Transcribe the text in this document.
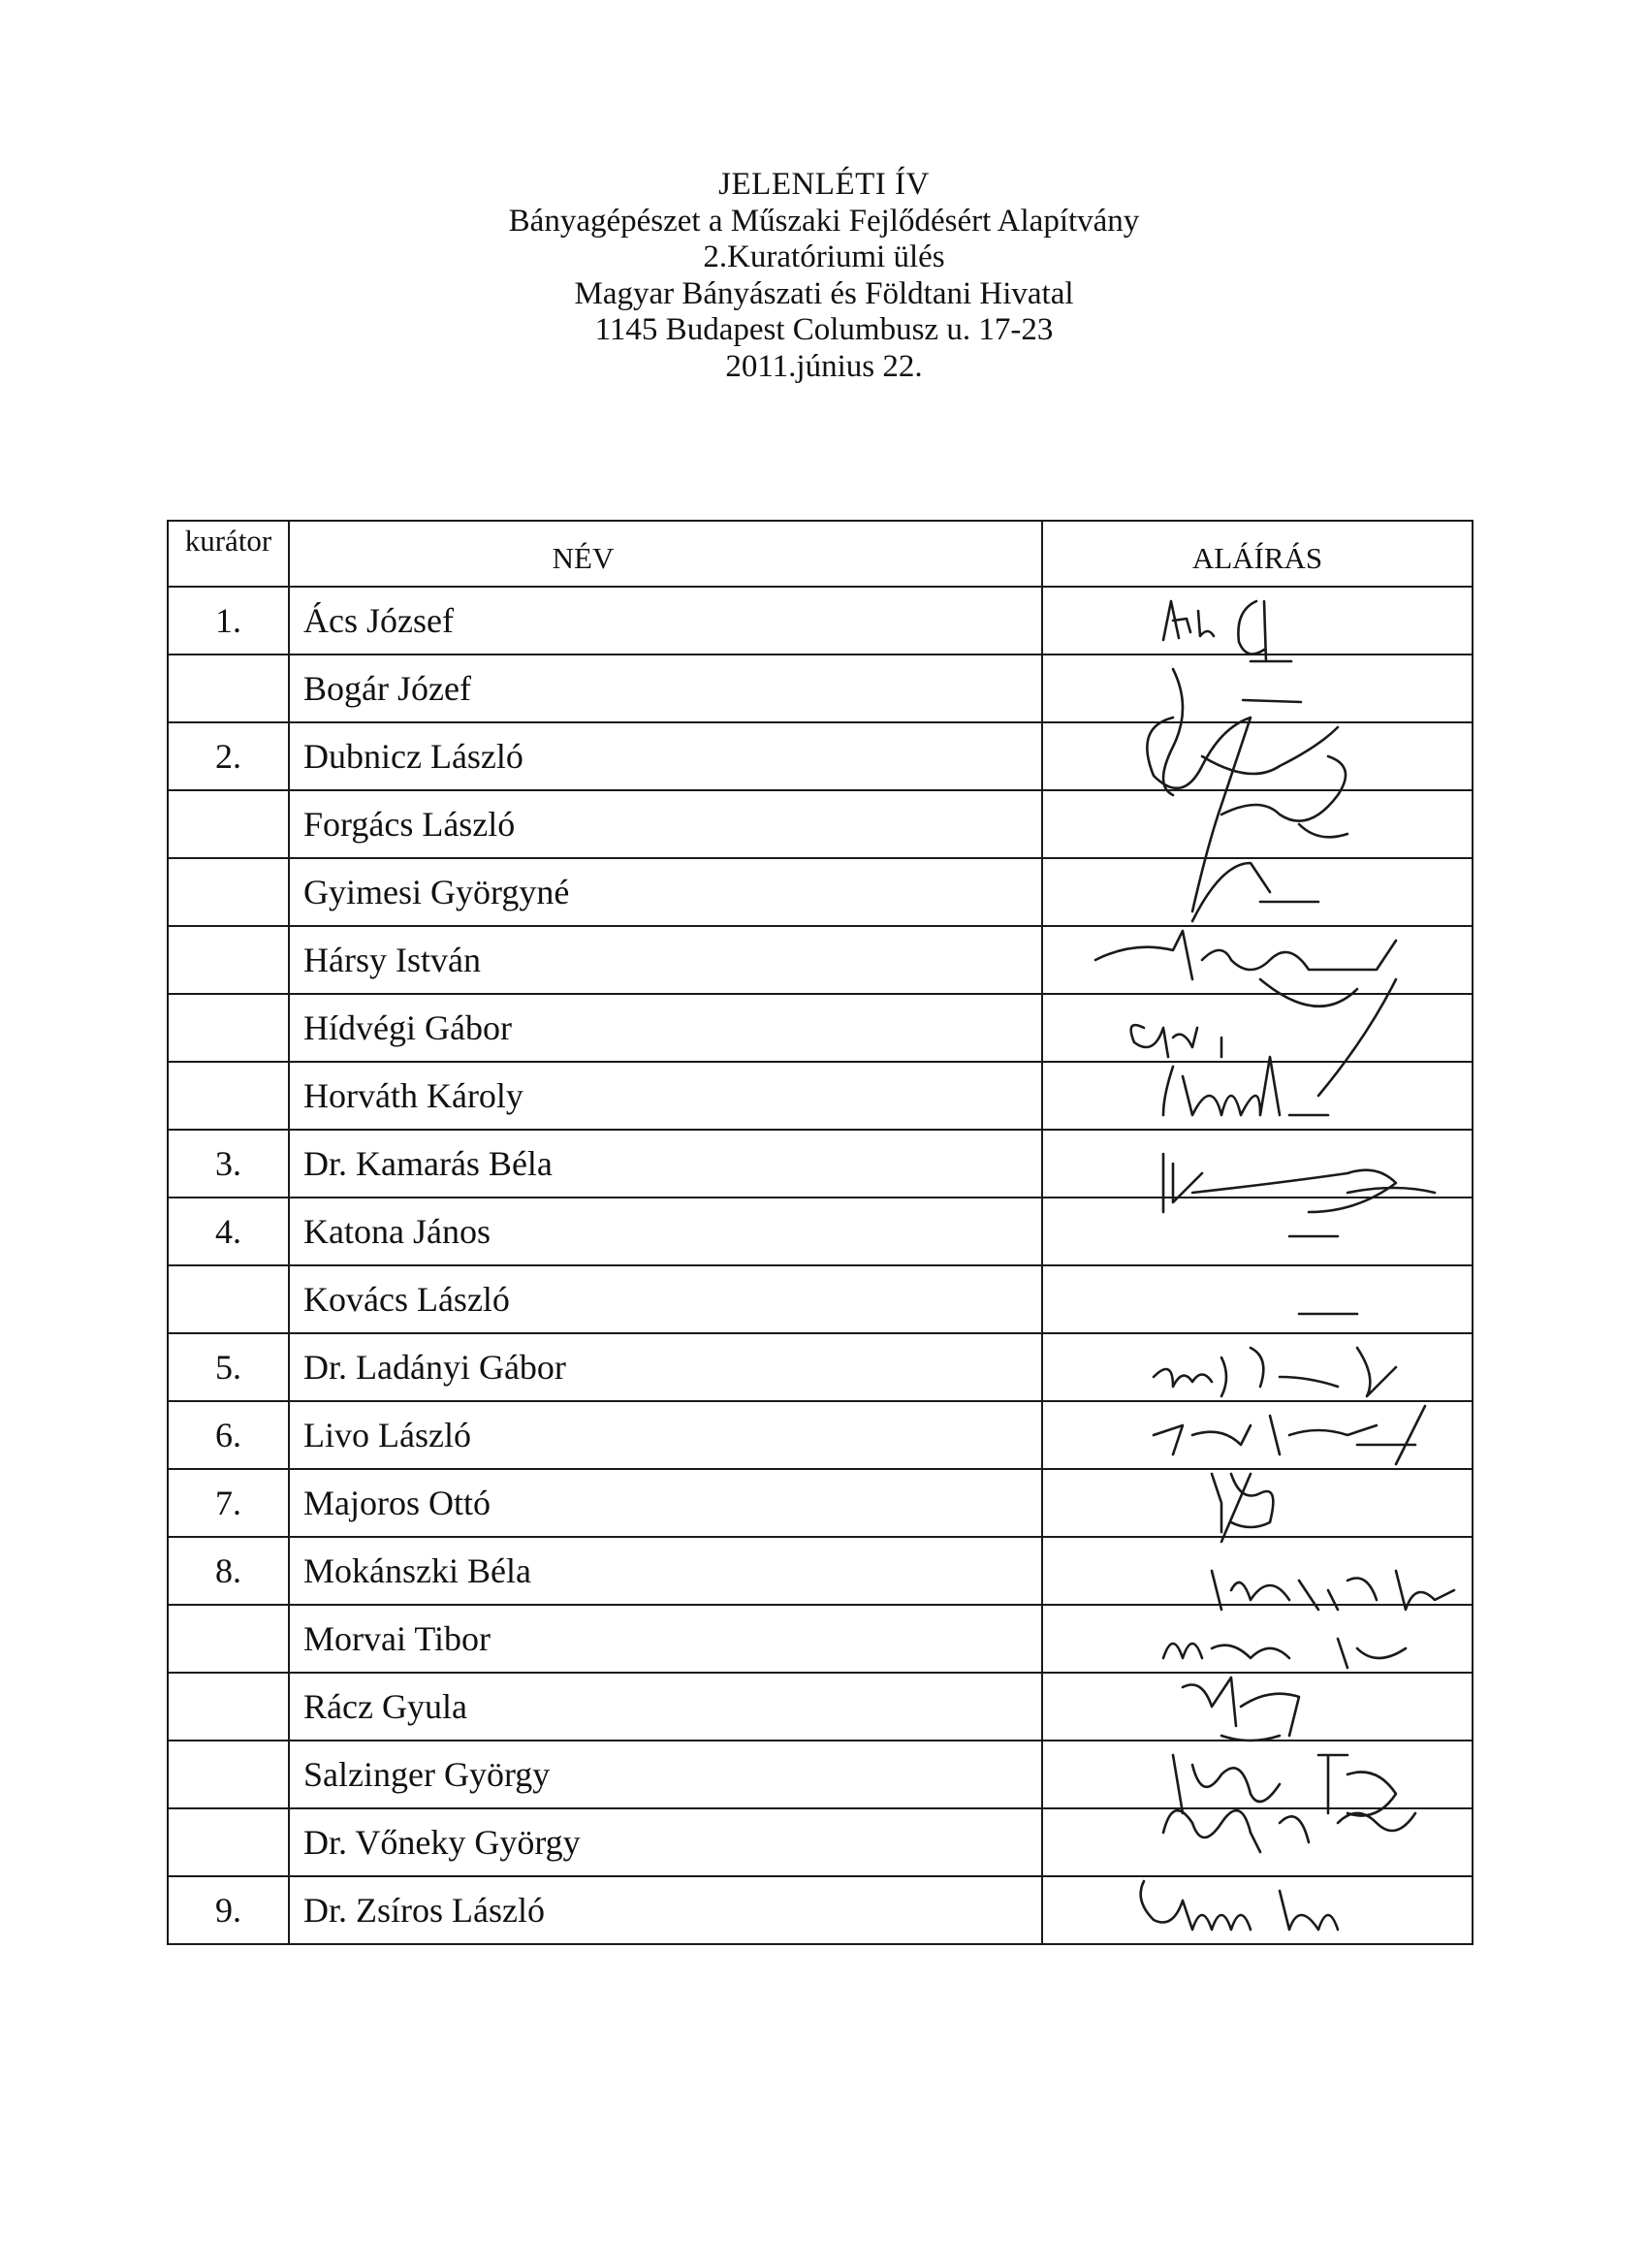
JELENLÉTI ÍV
Bányagépészet a Műszaki Fejlődésért Alapítvány
2.Kuratóriumi ülés
Magyar Bányászati és Földtani Hivatal
1145 Budapest Columbusz u. 17-23
2011.június 22.
kurátor	NÉV	ALÁÍRÁS
1.	Ács József	
	Bogár Józef	
2.	Dubnicz László	
	Forgács László	
	Gyimesi Györgyné	
	Hársy István	
	Hídvégi Gábor	
	Horváth Károly	
3.	Dr. Kamarás Béla	
4.	Katona János	
	Kovács László	
5.	Dr. Ladányi Gábor	
6.	Livo László	
7.	Majoros Ottó	
8.	Mokánszki Béla	
	Morvai Tibor	
	Rácz Gyula	
	Salzinger György	
	Dr. Vőneky György	
9.	Dr. Zsíros László	
